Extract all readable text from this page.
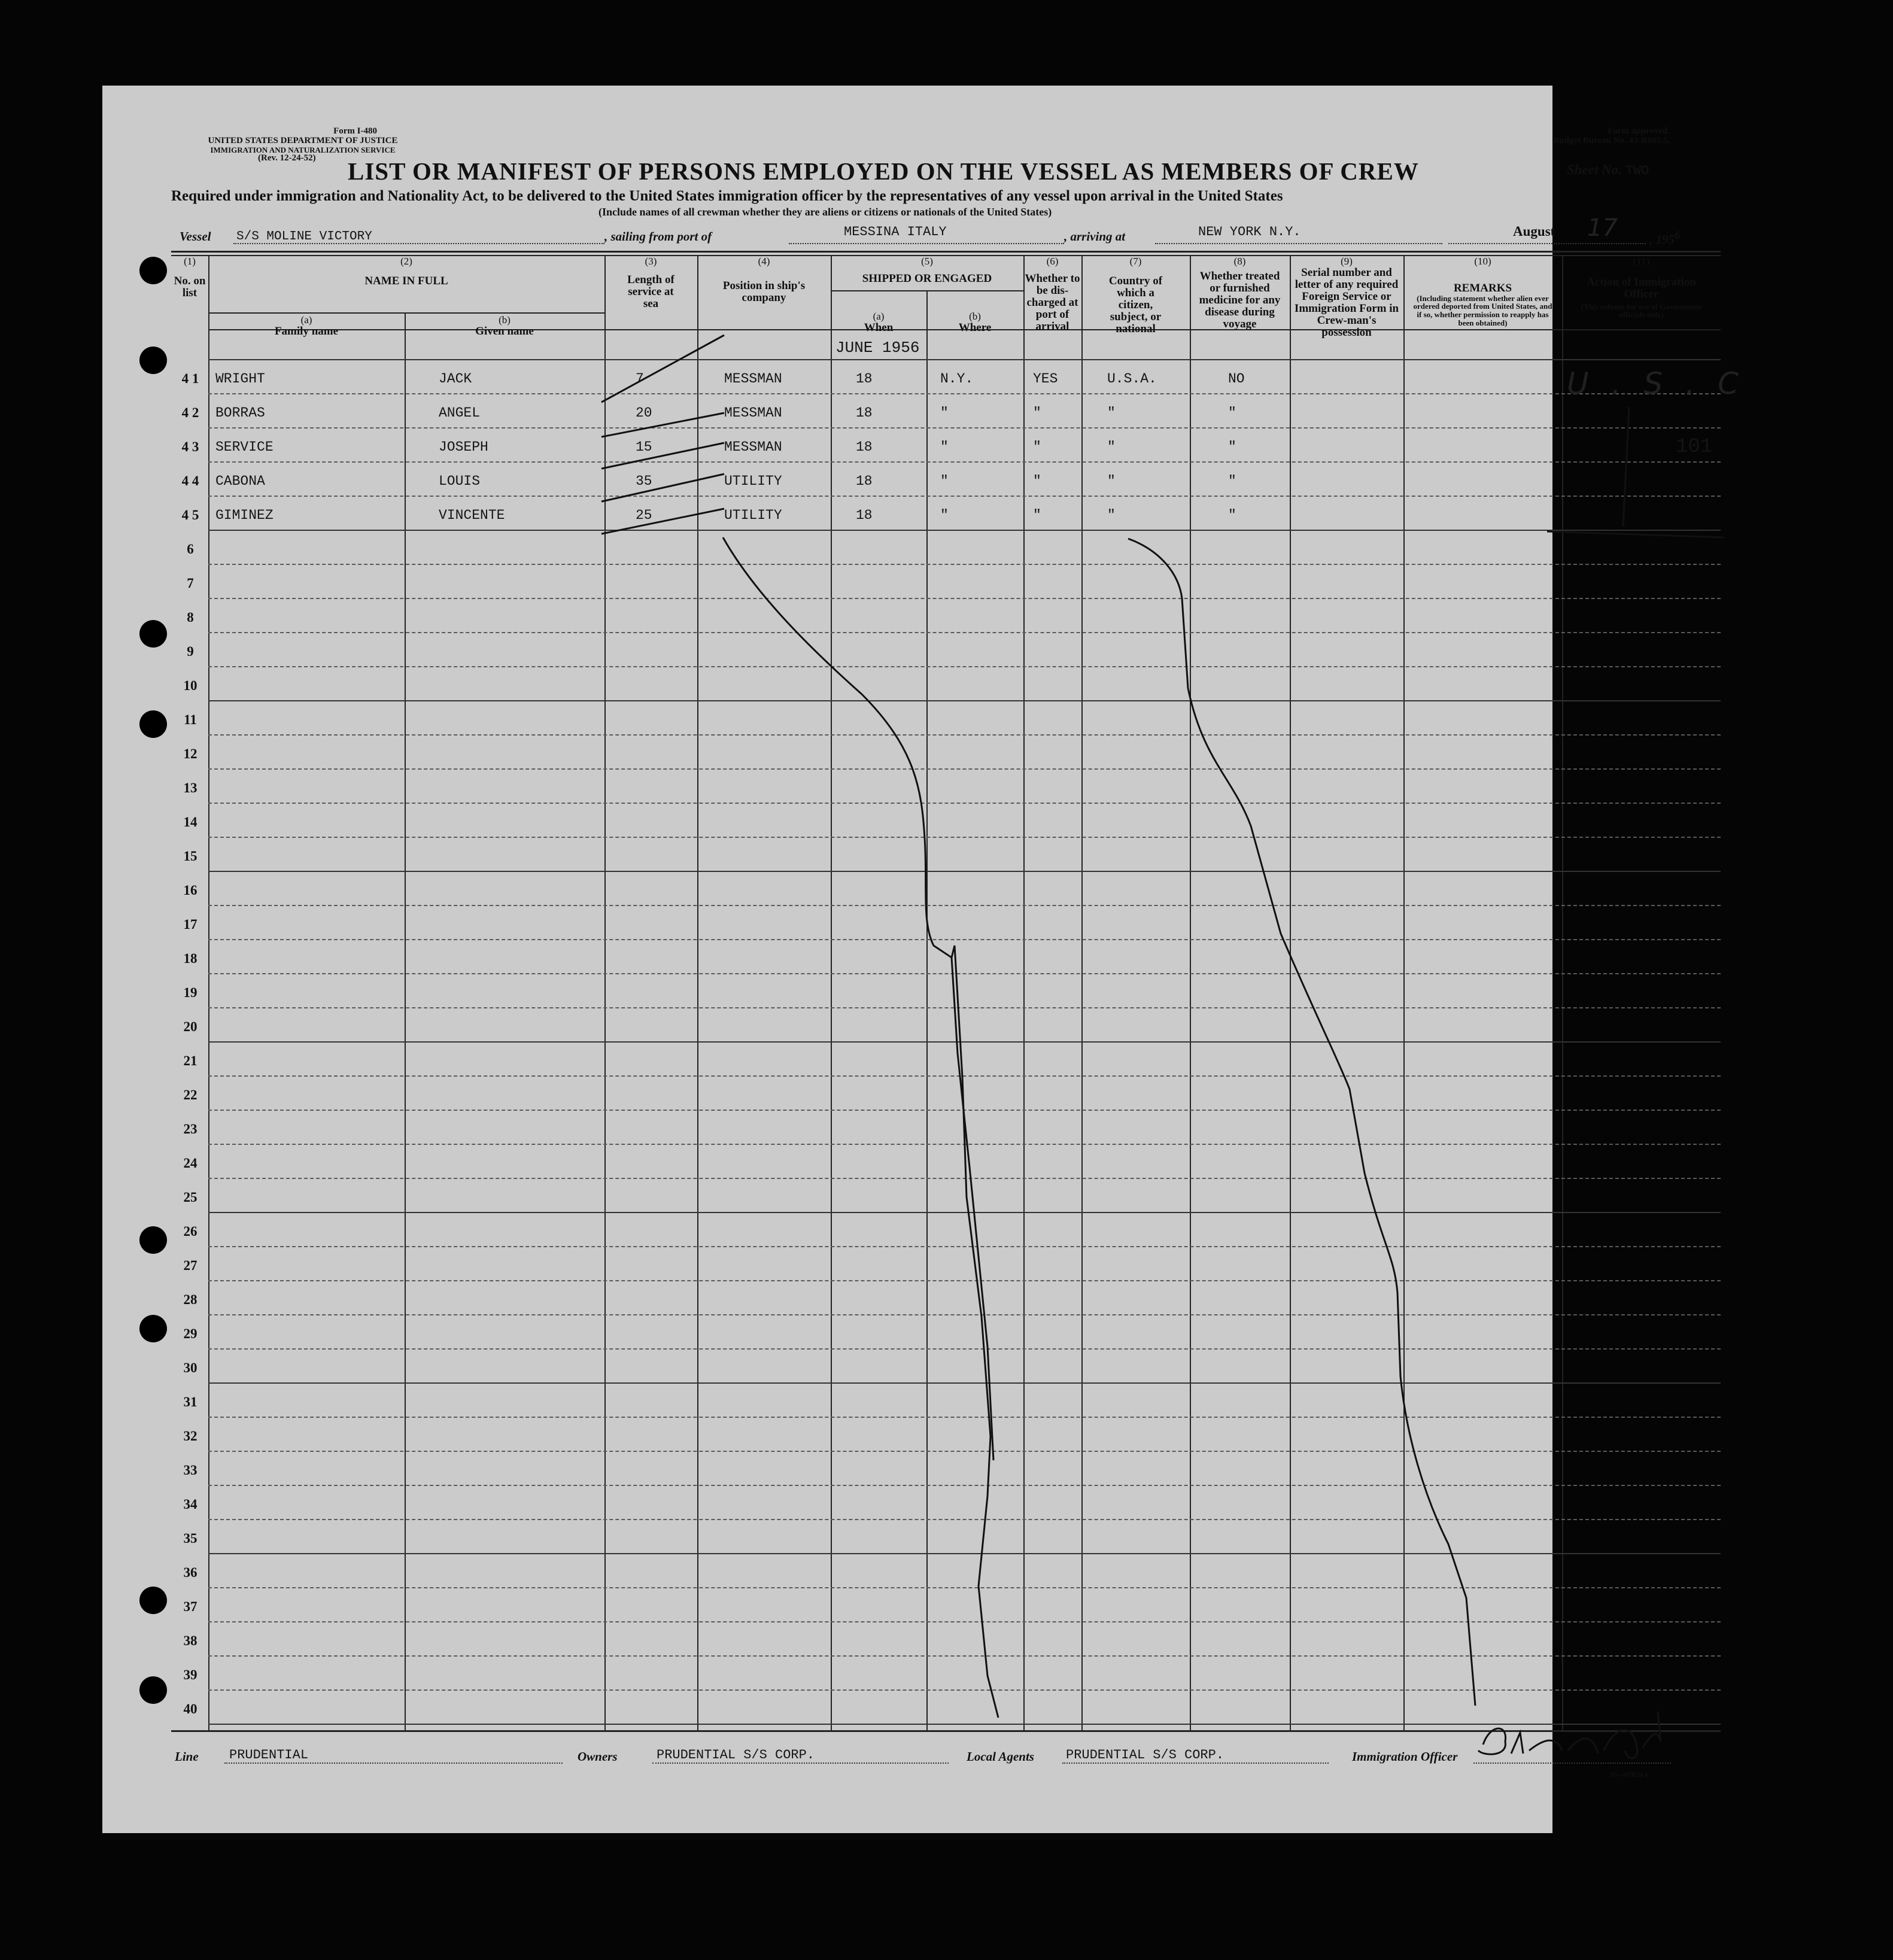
Form I-480
UNITED STATES DEPARTMENT OF JUSTICE
IMMIGRATION AND NATURALIZATION SERVICE
(Rev. 12-24-52)
Form approved.
Budget Bureau No. 43-R065.5.
LIST OR MANIFEST OF PERSONS EMPLOYED ON THE VESSEL AS MEMBERS OF CREW	Sheet No. TWO
Required under immigration and Nationality Act, to be delivered to the United States immigration officer by the representatives of any vessel upon arrival in the United States
(Include names of all crewman whether they are aliens or citizens or nationals of the United States)
Vessel S/S MOLINE VICTORY	, sailing from port of	MESSINA ITALY	, arriving at	NEW YORK N.Y.	August 17	, $195^6$
(1)
No. on list
(2)
NAME IN FULL
(a)
Family name
(b)
Given name
(3)
Length of service at sea
(4)
Position in ship's company
(5)
SHIPPED OR ENGAGED
(a)
When
(b)
Where
JUNE 1956
(6)
Whether to be dis-charged at port of arrival
(7)
Country of which a citizen, subject, or national
(8)
Whether treated or furnished medicine for any disease during voyage
(9)
Serial number and letter of any required Foreign Service or Immigration Form in Crew-man's possession
(10)
REMARKS
(Including statement whether alien ever ordered deported from United States, and if so, whether permission to reapply has been obtained)
(11)
Action of Immigration Officer
(This column for use of Government officials only)
4 1	WRIGHT	JACK	7	MESSMAN	18	N.Y.	YES	U.S.A.	NO
4 2	BORRAS	ANGEL	20	MESSMAN	18	"	"	"	"
4 3	SERVICE	JOSEPH	15	MESSMAN	18	"	"	"	"
4 4	CABONA	LOUIS	35	UTILITY	18	"	"	"	"
4 5	GIMINEZ	VINCENTE	25	UTILITY	18	"	"	"	"
6
7
8
9
10
11
12
13
14
15
16
17
18
19
20
21
22
23
24
25
26
27
28
29
30
31
32
33
34
35
36
37
38
39
40
U.S.C
101
Line PRUDENTIAL	Owners	PRUDENTIAL S/S CORP.	Local Agents PRUDENTIAL S/S CORP.	Immigration Officer
16—67829-1
